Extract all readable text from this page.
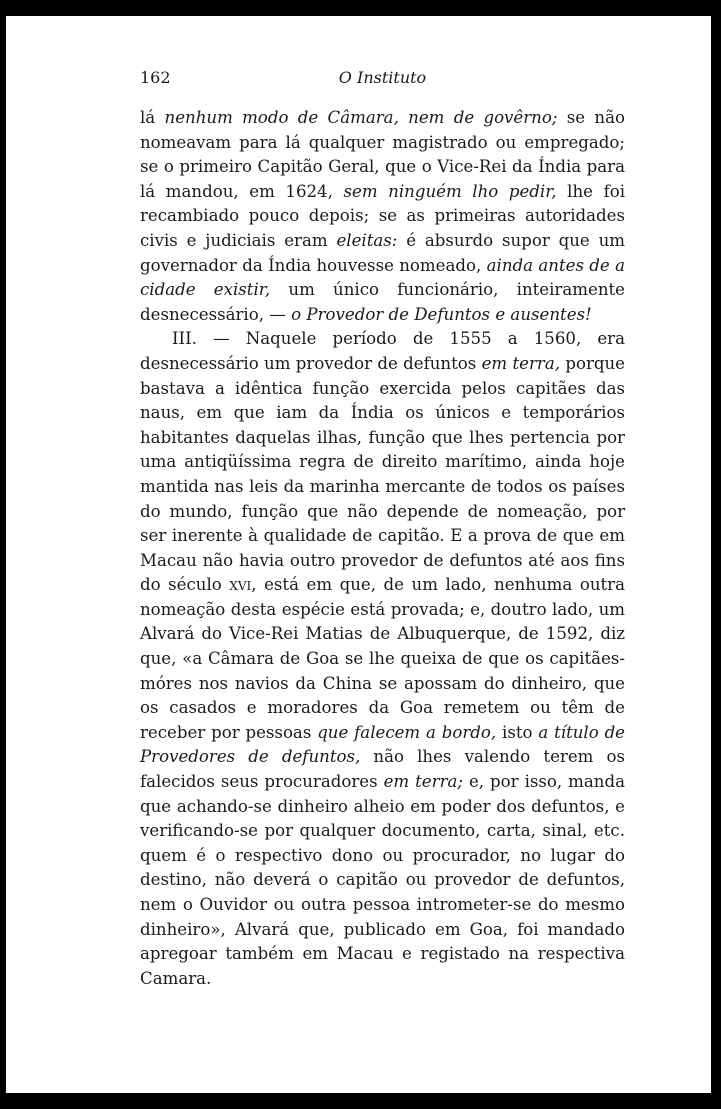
162	O Instituto

lá nenhum modo de Câmara, nem de govêrno; se não nomeavam para lá qualquer magistrado ou empregado; se o primeiro Capitão Geral, que o Vice-Rei da Índia para lá mandou, em 1624, sem ninguém lho pedir, lhe foi recambiado pouco depois; se as primeiras autoridades civis e judiciais eram eleitas: é absurdo supor que um governador da Índia houvesse nomeado, ainda antes de a cidade existir, um único funcionário, inteiramente desnecessário, — o Provedor de Defuntos e ausentes!

III. — Naquele período de 1555 a 1560, era desnecessário um provedor de defuntos em terra, porque bastava a idêntica função exercida pelos capitães das naus, em que iam da Índia os únicos e temporários habitantes daquelas ilhas, função que lhes pertencia por uma antiqüíssima regra de direito marítimo, ainda hoje mantida nas leis da marinha mercante de todos os países do mundo, função que não depende de nomeação, por ser inerente à qualidade de capitão. E a prova de que em Macau não havia outro provedor de defuntos até aos fins do século xvi, está em que, de um lado, nenhuma outra nomeação desta espécie está provada; e, doutro lado, um Alvará do Vice-Rei Matias de Albuquerque, de 1592, diz que, «a Câmara de Goa se lhe queixa de que os capitães-móres nos navios da China se apossam do dinheiro, que os casados e moradores da Goa remetem ou têm de receber por pessoas que falecem a bordo, isto a título de Provedores de defuntos, não lhes valendo terem os falecidos seus procuradores em terra; e, por isso, manda que achando-se dinheiro alheio em poder dos defuntos, e verificando-se por qualquer documento, carta, sinal, etc. quem é o respectivo dono ou procurador, no lugar do destino, não deverá o capitão ou provedor de defuntos, nem o Ouvidor ou outra pessoa intrometer-se do mesmo dinheiro», Alvará que, publicado em Goa, foi mandado apregoar também em Macau e registado na respectiva Camara.
